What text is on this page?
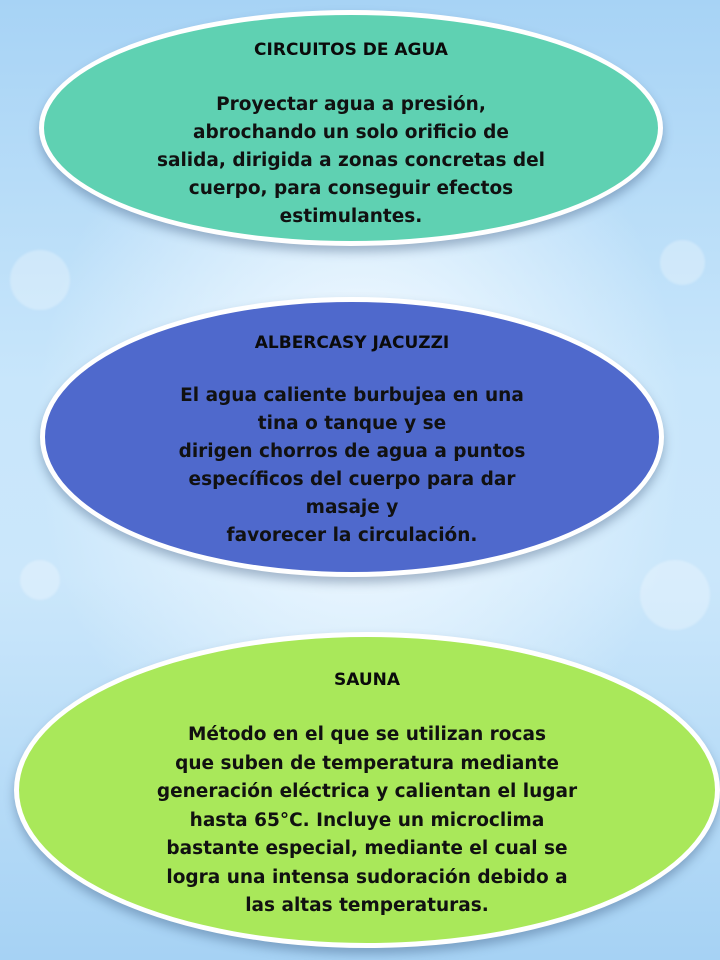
CIRCUITOS DE AGUA

Proyectar agua a presión,
abrochando un solo orificio de
salida, dirigida a zonas concretas del
cuerpo, para conseguir efectos
estimulantes.

ALBERCASY JACUZZI

El agua caliente burbujea en una
tina o tanque y se
dirigen chorros de agua a puntos
específicos del cuerpo para dar
masaje y
favorecer la circulación.

SAUNA

Método en el que se utilizan rocas
que suben de temperatura mediante
generación eléctrica y calientan el lugar
hasta 65°C. Incluye un microclima
bastante especial, mediante el cual se
logra una intensa sudoración debido a
las altas temperaturas.
